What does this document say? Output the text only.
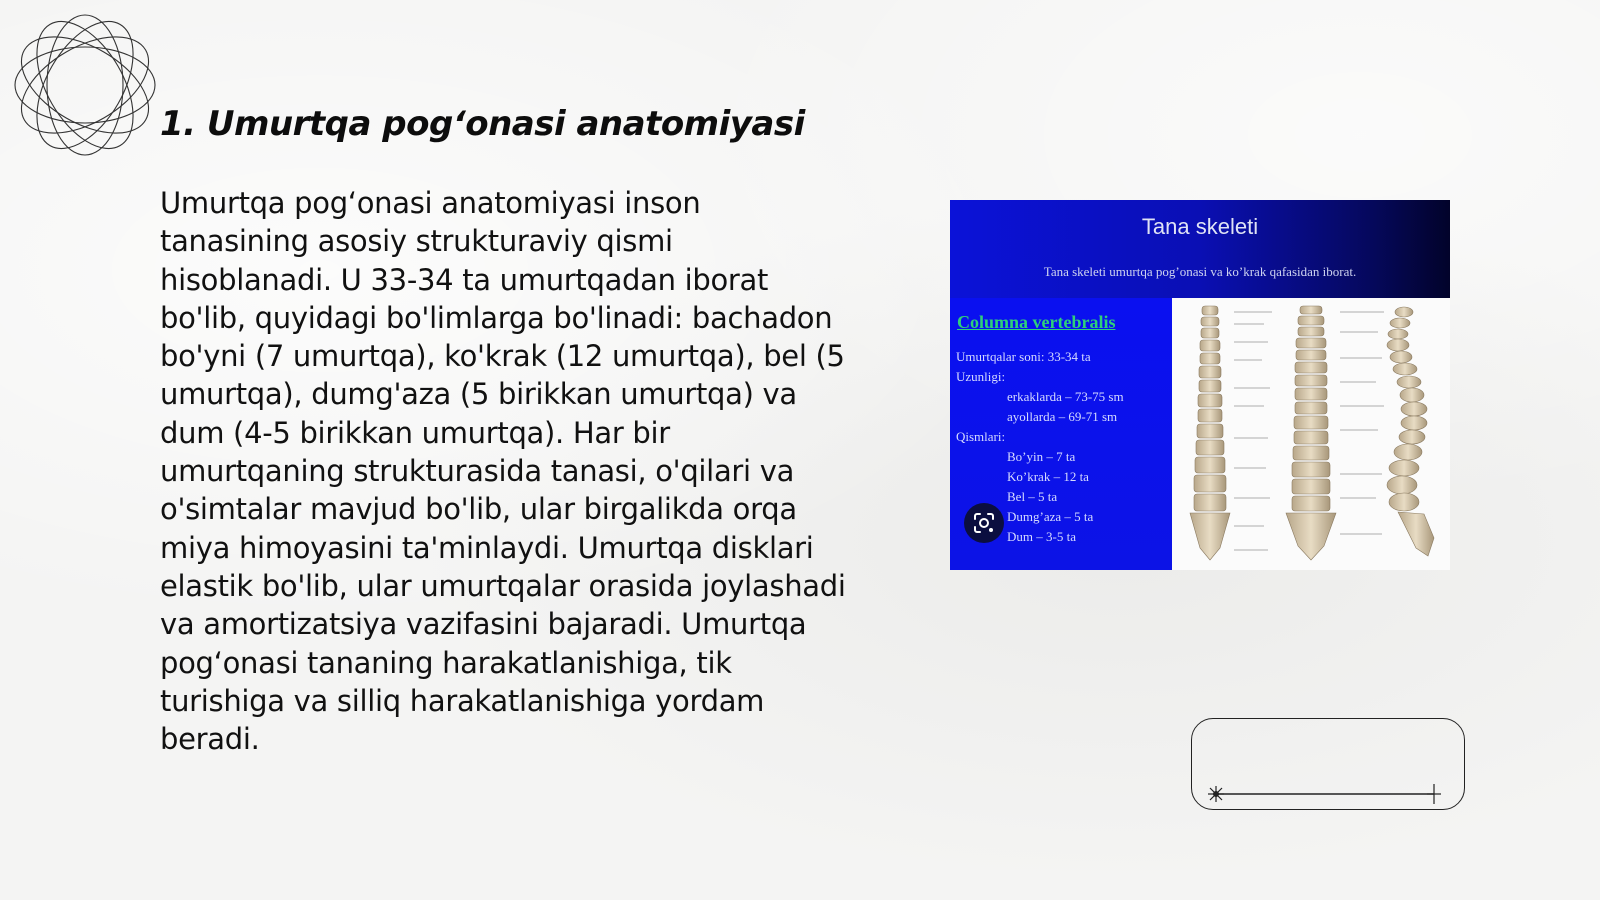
1. Umurtqa pog‘onasi anatomiyasi

Umurtqa pog‘onasi anatomiyasi inson tanasining asosiy strukturaviy qismi hisoblanadi. U 33-34 ta umurtqadan iborat bo'lib, quyidagi bo'limlarga bo'linadi: bachadon bo'yni (7 umurtqa), ko'krak (12 umurtqa), bel (5 umurtqa), dumg'aza (5 birikkan umurtqa) va dum (4-5 birikkan umurtqa). Har bir umurtqaning strukturasida tanasi, o'qilari va o'simtalar mavjud bo'lib, ular birgalikda orqa miya himoyasini ta'minlaydi. Umurtqa disklari elastik bo'lib, ular umurtqalar orasida joylashadi va amortizatsiya vazifasini bajaradi. Umurtqa pog‘onasi tananing harakatlanishiga, tik turishiga va silliq harakatlanishiga yordam beradi.

Tana skeleti
Tana skeleti umurtqa pog’onasi va ko’krak qafasidan iborat.
Columna vertebralis
Umurtqalar soni: 33-34 ta
Uzunligi:
erkaklarda – 73-75 sm
ayollarda – 69-71 sm
Qismlari:
Bo’yin – 7 ta
Ko’krak – 12 ta
Bel – 5 ta
Dumg’aza – 5 ta
Dum – 3-5 ta
